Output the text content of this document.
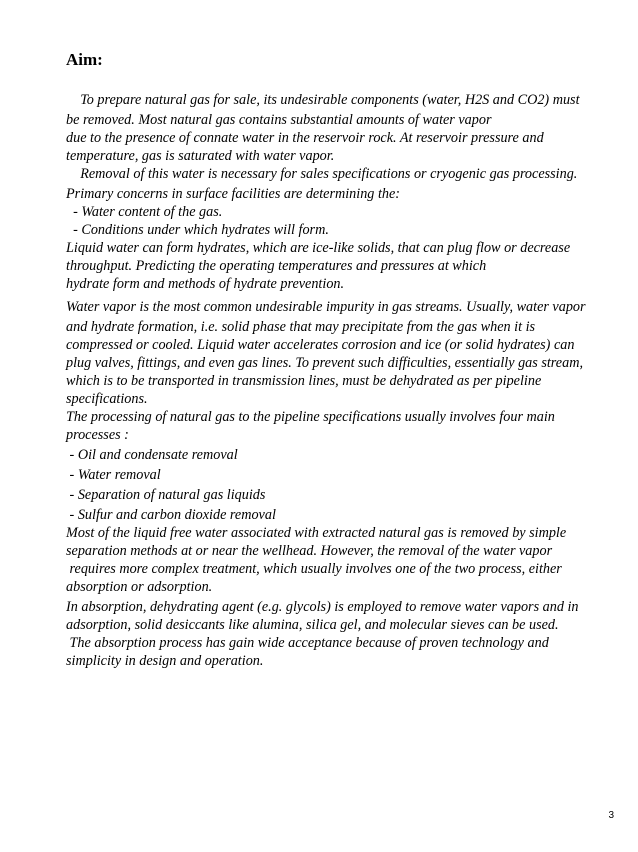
Aim:
To prepare natural gas for sale, its undesirable components (water, H2S and CO2) must
be removed. Most natural gas contains substantial amounts of water vapor
due to the presence of connate water in the reservoir rock. At reservoir pressure and
temperature, gas is saturated with water vapor.
Removal of this water is necessary for sales specifications or cryogenic gas processing.
Primary concerns in surface facilities are determining the:
- Water content of the gas.
- Conditions under which hydrates will form.
Liquid water can form hydrates, which are ice-like solids, that can plug flow or decrease
throughput. Predicting the operating temperatures and pressures at which
hydrate form and methods of hydrate prevention.
Water vapor is the most common undesirable impurity in gas streams. Usually, water vapor
and hydrate formation, i.e. solid phase that may precipitate from the gas when it is
compressed or cooled. Liquid water accelerates corrosion and ice (or solid hydrates) can
plug valves, fittings, and even gas lines. To prevent such difficulties, essentially gas stream,
which is to be transported in transmission lines, must be dehydrated as per pipeline
specifications.
The processing of natural gas to the pipeline specifications usually involves four main
processes :
- Oil and condensate removal
- Water removal
- Separation of natural gas liquids
- Sulfur and carbon dioxide removal
Most of the liquid free water associated with extracted natural gas is removed by simple
separation methods at or near the wellhead. However, the removal of the water vapor
requires more complex treatment, which usually involves one of the two process, either
absorption or adsorption.
In absorption, dehydrating agent (e.g. glycols) is employed to remove water vapors and in
adsorption, solid desiccants like alumina, silica gel, and molecular sieves can be used.
The absorption process has gain wide acceptance because of proven technology and
simplicity in design and operation.
3
